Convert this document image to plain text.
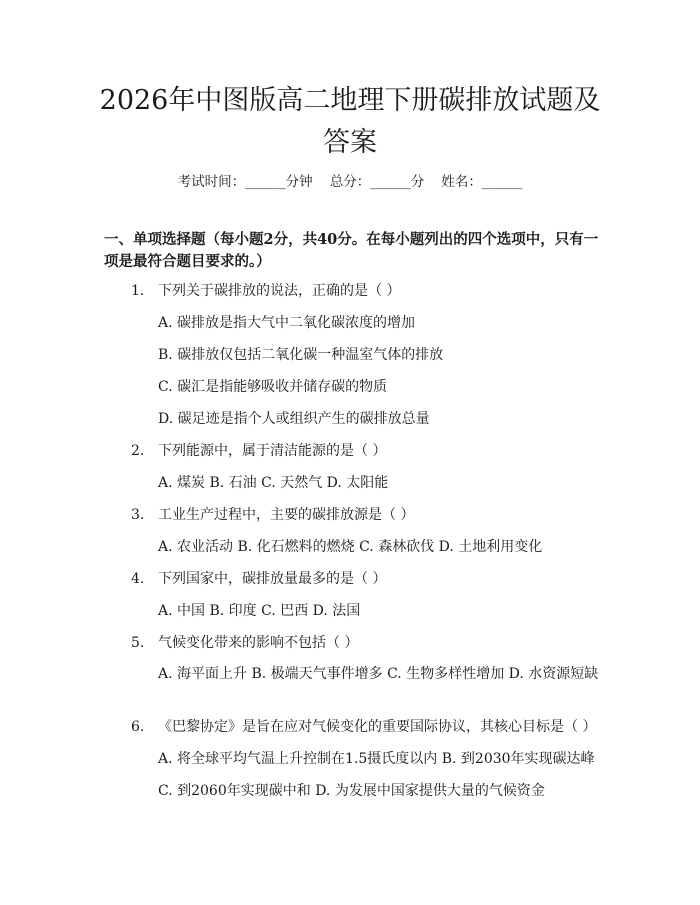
2026年中图版高二地理下册碳排放试题及答案
考试时间：______分钟    总分：______分    姓名：______
一、单项选择题（每小题2分，共40分。在每小题列出的四个选项中，只有一项是最符合题目要求的。）
1. 下列关于碳排放的说法，正确的是（ ）
A. 碳排放是指大气中二氧化碳浓度的增加
B. 碳排放仅包括二氧化碳一种温室气体的排放
C. 碳汇是指能够吸收并储存碳的物质
D. 碳足迹是指个人或组织产生的碳排放总量
2. 下列能源中，属于清洁能源的是（ ）
A. 煤炭 B. 石油 C. 天然气 D. 太阳能
3. 工业生产过程中，主要的碳排放源是（ ）
A. 农业活动 B. 化石燃料的燃烧 C. 森林砍伐 D. 土地利用变化
4. 下列国家中，碳排放量最多的是（ ）
A. 中国 B. 印度 C. 巴西 D. 法国
5. 气候变化带来的影响不包括（ ）
A. 海平面上升 B. 极端天气事件增多 C. 生物多样性增加 D. 水资源短缺
6. 《巴黎协定》是旨在应对气候变化的重要国际协议，其核心目标是（ ）
A. 将全球平均气温上升控制在1.5摄氏度以内 B. 到2030年实现碳达峰
C. 到2060年实现碳中和 D. 为发展中国家提供大量的气候资金
